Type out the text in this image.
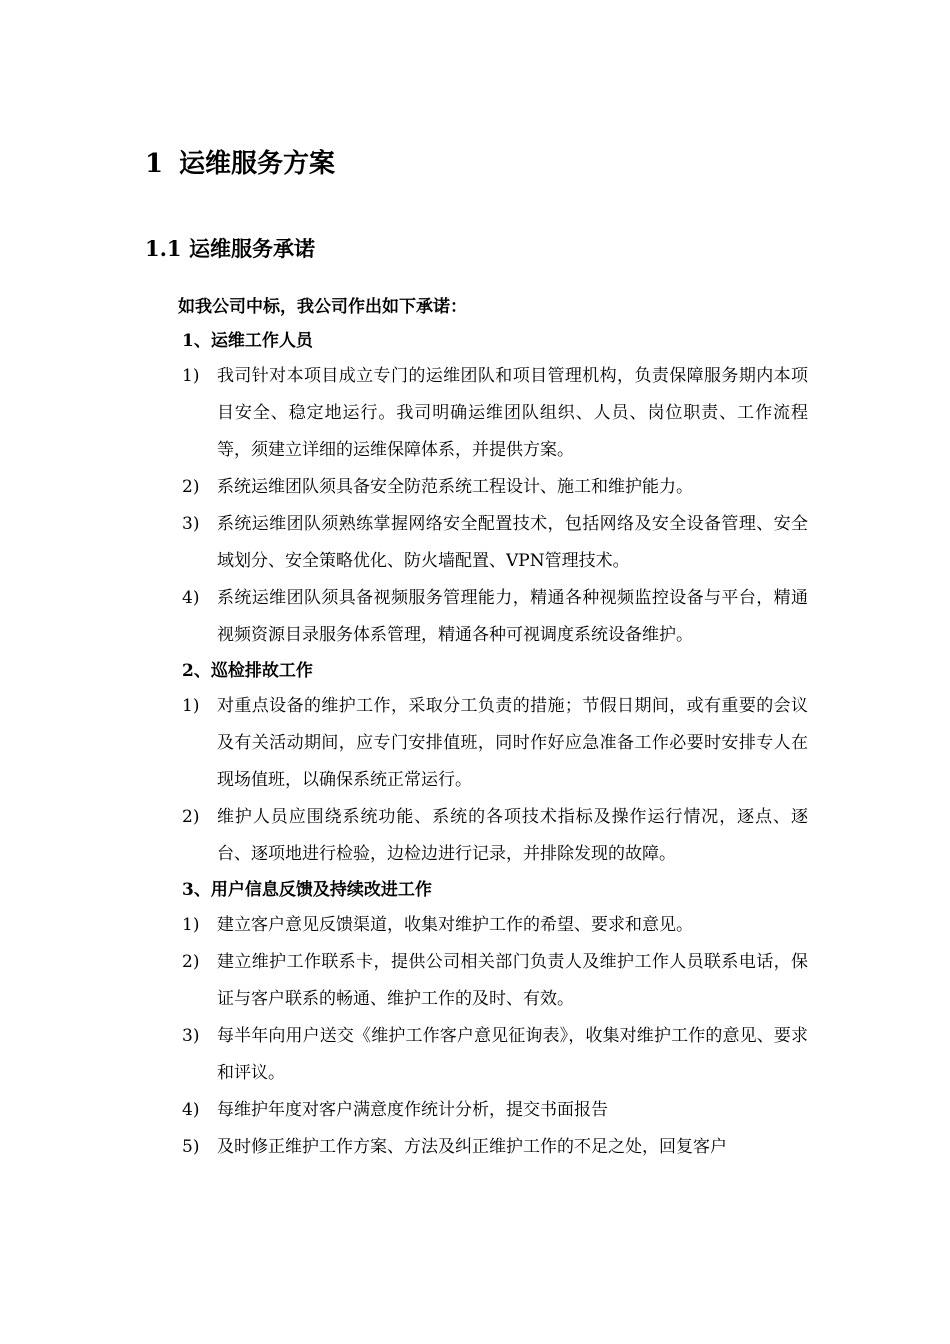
1 运维服务方案
1.1 运维服务承诺
如我公司中标，我公司作出如下承诺：
1、运维工作人员
1)	我司针对本项目成立专门的运维团队和项目管理机构，负责保障服务期内本项目安全、稳定地运行。我司明确运维团队组织、人员、岗位职责、工作流程等，须建立详细的运维保障体系，并提供方案。
2)	系统运维团队须具备安全防范系统工程设计、施工和维护能力。
3)	系统运维团队须熟练掌握网络安全配置技术，包括网络及安全设备管理、安全域划分、安全策略优化、防火墙配置、VPN管理技术。
4)	系统运维团队须具备视频服务管理能力，精通各种视频监控设备与平台，精通视频资源目录服务体系管理，精通各种可视调度系统设备维护。
2、巡检排故工作
1)	对重点设备的维护工作，采取分工负责的措施；节假日期间，或有重要的会议及有关活动期间，应专门安排值班，同时作好应急准备工作必要时安排专人在现场值班，以确保系统正常运行。
2)	维护人员应围绕系统功能、系统的各项技术指标及操作运行情况，逐点、逐台、逐项地进行检验，边检边进行记录，并排除发现的故障。
3、用户信息反馈及持续改进工作
1)	建立客户意见反馈渠道，收集对维护工作的希望、要求和意见。
2)	建立维护工作联系卡，提供公司相关部门负责人及维护工作人员联系电话，保证与客户联系的畅通、维护工作的及时、有效。
3)	每半年向用户送交《维护工作客户意见征询表》，收集对维护工作的意见、要求和评议。
4)	每维护年度对客户满意度作统计分析，提交书面报告
5)	及时修正维护工作方案、方法及纠正维护工作的不足之处，回复客户
